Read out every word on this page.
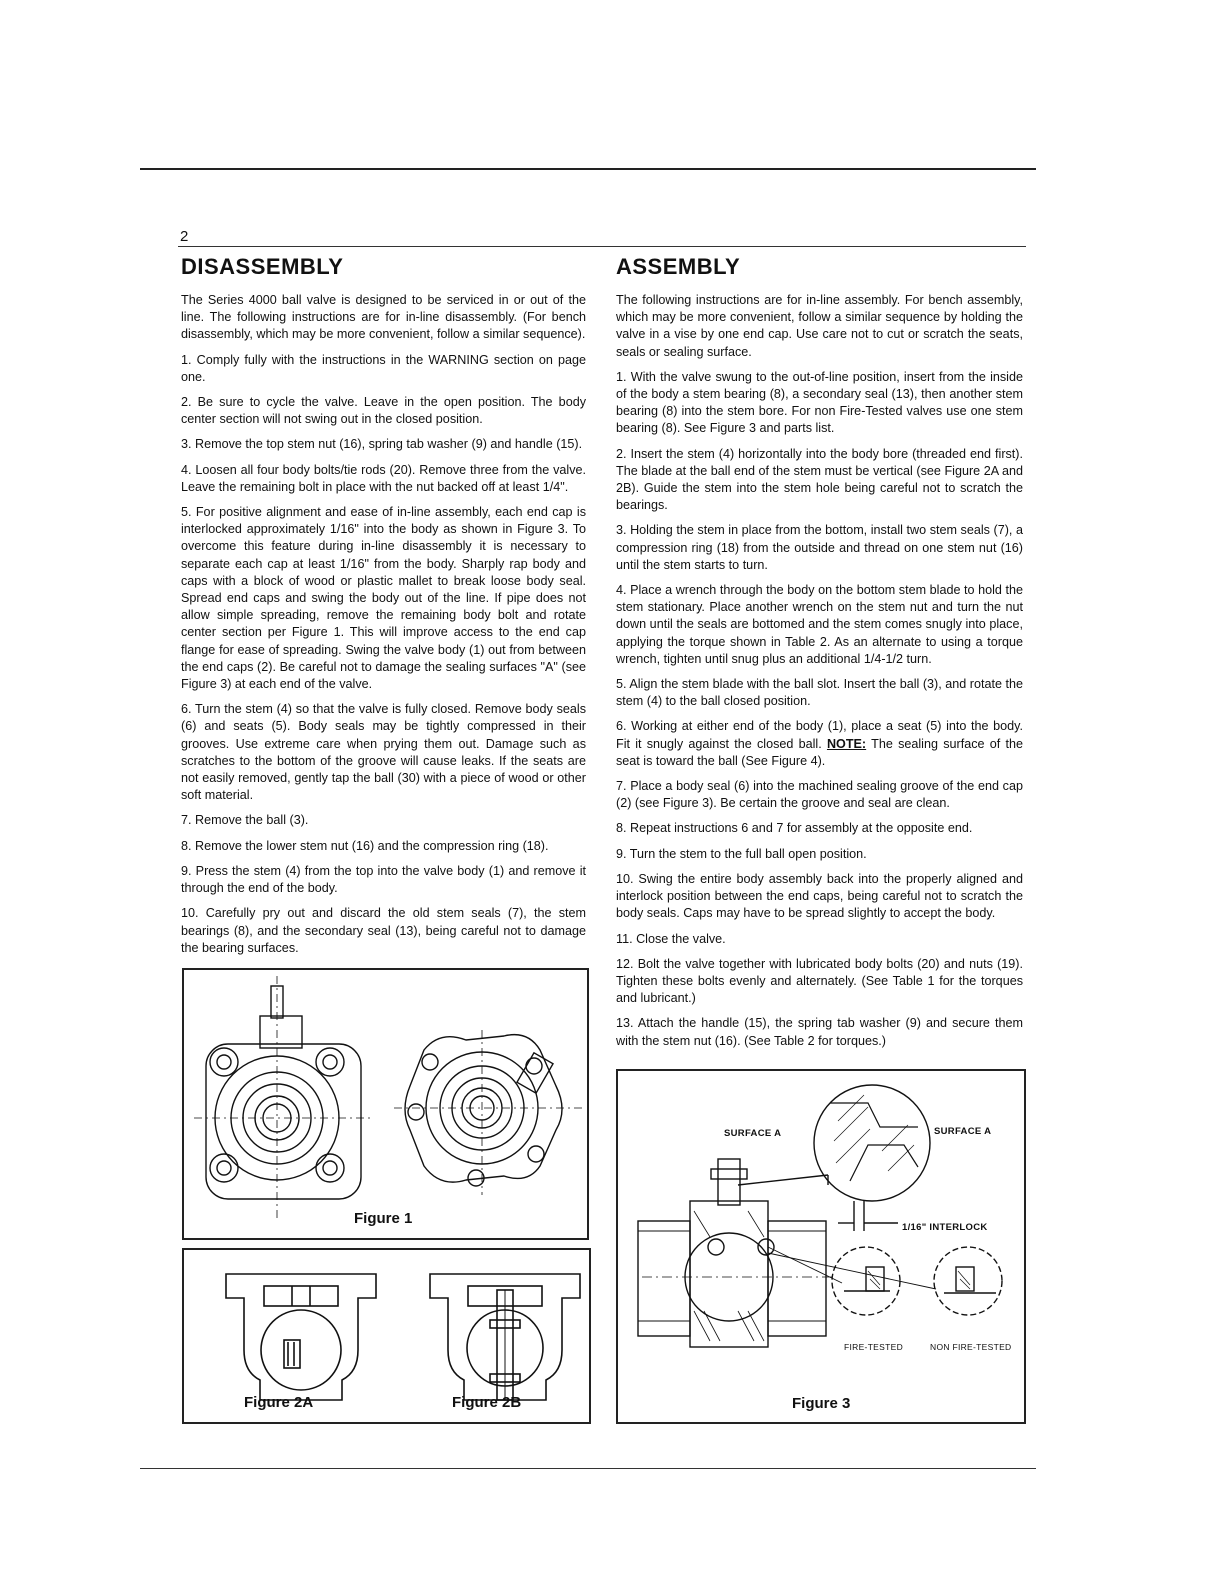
2
DISASSEMBLY

The Series 4000 ball valve is designed to be serviced in or out of the line. The following instructions are for in-line disassembly. (For bench disassembly, which may be more convenient, follow a similar sequence).

1. Comply fully with the instructions in the WARNING section on page one.

2. Be sure to cycle the valve. Leave in the open position. The body center section will not swing out in the closed position.

3. Remove the top stem nut (16), spring tab washer (9) and handle (15).

4. Loosen all four body bolts/tie rods (20). Remove three from the valve. Leave the remaining bolt in place with the nut backed off at least 1/4".

5. For positive alignment and ease of in-line assembly, each end cap is interlocked approximately 1/16" into the body as shown in Figure 3. To overcome this feature during in-line disassembly it is necessary to separate each cap at least 1/16" from the body. Sharply rap body and caps with a block of wood or plastic mallet to break loose body seal. Spread end caps and swing the body out of the line. If pipe does not allow simple spreading, remove the remaining body bolt and rotate center section per Figure 1. This will improve access to the end cap flange for ease of spreading. Swing the valve body (1) out from between the end caps (2). Be careful not to damage the sealing surfaces "A" (see Figure 3) at each end of the valve.

6. Turn the stem (4) so that the valve is fully closed. Remove body seals (6) and seats (5). Body seals may be tightly compressed in their grooves. Use extreme care when prying them out. Damage such as scratches to the bottom of the groove will cause leaks. If the seats are not easily removed, gently tap the ball (30) with a piece of wood or other soft material.

7. Remove the ball (3).

8. Remove the lower stem nut (16) and the compression ring (18).

9. Press the stem (4) from the top into the valve body (1) and remove it through the end of the body.

10. Carefully pry out and discard the old stem seals (7), the stem bearings (8), and the secondary seal (13), being careful not to damage the bearing surfaces.

ASSEMBLY

The following instructions are for in-line assembly. For bench assembly, which may be more convenient, follow a similar sequence by holding the valve in a vise by one end cap. Use care not to cut or scratch the seats, seals or sealing surface.

1. With the valve swung to the out-of-line position, insert from the inside of the body a stem bearing (8), a secondary seal (13), then another stem bearing (8) into the stem bore. For non Fire-Tested valves use one stem bearing (8). See Figure 3 and parts list.

2. Insert the stem (4) horizontally into the body bore (threaded end first). The blade at the ball end of the stem must be vertical (see Figure 2A and 2B). Guide the stem into the stem hole being careful not to scratch the bearings.

3. Holding the stem in place from the bottom, install two stem seals (7), a compression ring (18) from the outside and thread on one stem nut (16) until the stem starts to turn.

4. Place a wrench through the body on the bottom stem blade to hold the stem stationary. Place another wrench on the stem nut and turn the nut down until the seals are bottomed and the stem comes snugly into place, applying the torque shown in Table 2. As an alternate to using a torque wrench, tighten until snug plus an additional 1/4-1/2 turn.

5. Align the stem blade with the ball slot. Insert the ball (3), and rotate the stem (4) to the ball closed position.

6. Working at either end of the body (1), place a seat (5) into the body. Fit it snugly against the closed ball. NOTE: The sealing surface of the seat is toward the ball (See Figure 4).

7. Place a body seal (6) into the machined sealing groove of the end cap (2) (see Figure 3). Be certain the groove and seal are clean.

8. Repeat instructions 6 and 7 for assembly at the opposite end.

9. Turn the stem to the full ball open position.

10. Swing the entire body assembly back into the properly aligned and interlock position between the end caps, being careful not to scratch the body seals. Caps may have to be spread slightly to accept the body.

11. Close the valve.

12. Bolt the valve together with lubricated body bolts (20) and nuts (19). Tighten these bolts evenly and alternately. (See Table 1 for the torques and lubricant.)

13. Attach the handle (15), the spring tab washer (9) and secure them with the stem nut (16). (See Table 2 for torques.)

Figure 1
Figure 2A	Figure 2B
SURFACE A	SURFACE A
1/16" INTERLOCK
FIRE-TESTED	NON FIRE-TESTED
Figure 3
